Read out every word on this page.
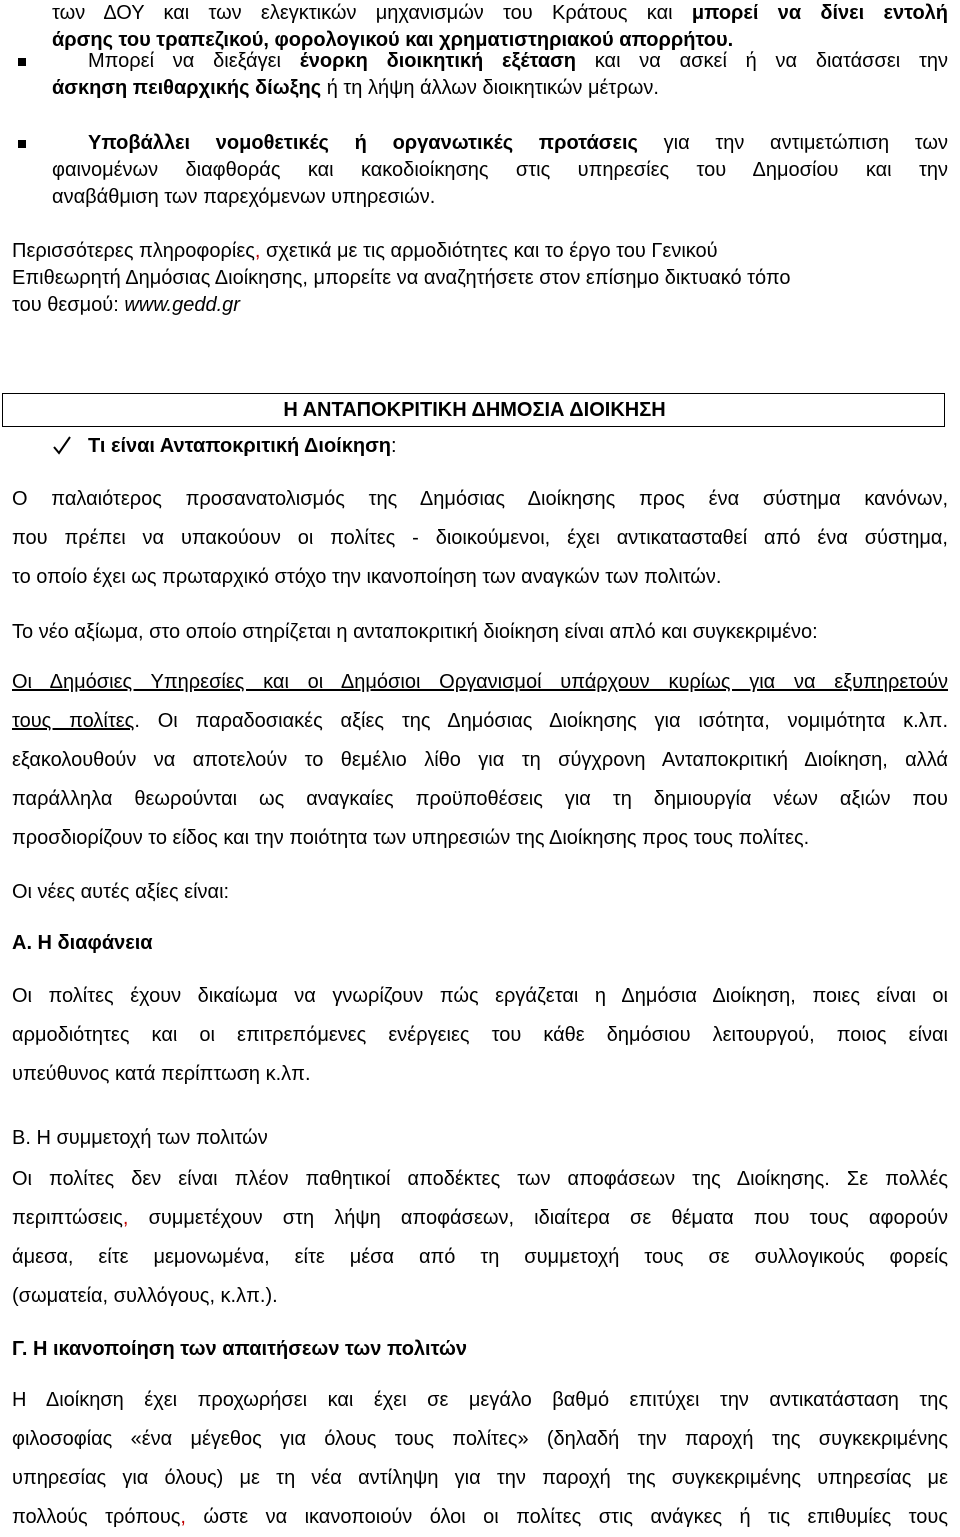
των ΔΟΥ και των ελεγκτικών μηχανισμών του Κράτους και μπορεί να δίνει εντολή
άρσης του τραπεζικού, φορολογικού και χρηματιστηριακού απορρήτου.
Μπορεί να διεξάγει ένορκη διοικητική εξέταση και να ασκεί ή να διατάσσει την
άσκηση πειθαρχικής δίωξης ή τη λήψη άλλων διοικητικών μέτρων.
Υποβάλλει νομοθετικές ή οργανωτικές προτάσεις για την αντιμετώπιση των
φαινομένων διαφθοράς και κακοδιοίκησης στις υπηρεσίες του Δημοσίου και την
αναβάθμιση των παρεχόμενων υπηρεσιών.
Περισσότερες πληροφορίες, σχετικά με τις αρμοδιότητες και το έργο του Γενικού
Επιθεωρητή Δημόσιας Διοίκησης, μπορείτε να αναζητήσετε στον επίσημο δικτυακό τόπο
του θεσμού: www.gedd.gr
Η ΑΝΤΑΠΟΚΡΙΤΙΚΗ ΔΗΜΟΣΙΑ ΔΙΟΙΚΗΣΗ
Τι είναι Ανταποκριτική Διοίκηση:
Ο παλαιότερος προσανατολισμός της Δημόσιας Διοίκησης προς ένα σύστημα κανόνων,
που πρέπει να υπακούουν οι πολίτες - διοικούμενοι, έχει αντικατασταθεί από ένα σύστημα,
το οποίο έχει ως πρωταρχικό στόχο την ικανοποίηση των αναγκών των πολιτών.
Το νέο αξίωμα, στο οποίο στηρίζεται η ανταποκριτική διοίκηση είναι απλό και συγκεκριμένο:
Οι Δημόσιες Υπηρεσίες και οι Δημόσιοι Οργανισμοί υπάρχουν κυρίως για να εξυπηρετούν
τους πολίτες. Οι παραδοσιακές αξίες της Δημόσιας Διοίκησης για ισότητα, νομιμότητα κ.λπ.
εξακολουθούν να αποτελούν το θεμέλιο λίθο για τη σύγχρονη Ανταποκριτική Διοίκηση, αλλά
παράλληλα θεωρούνται ως αναγκαίες προϋποθέσεις για τη δημιουργία νέων αξιών που
προσδιορίζουν το είδος και την ποιότητα των υπηρεσιών της Διοίκησης προς τους πολίτες.
Οι νέες αυτές αξίες είναι:
Α. Η διαφάνεια
Οι πολίτες έχουν δικαίωμα να γνωρίζουν πώς εργάζεται η Δημόσια Διοίκηση, ποιες είναι οι
αρμοδιότητες και οι επιτρεπόμενες ενέργειες του κάθε δημόσιου λειτουργού, ποιος είναι
υπεύθυνος κατά περίπτωση κ.λπ.
Β. Η συμμετοχή των πολιτών
Οι πολίτες δεν είναι πλέον παθητικοί αποδέκτες των αποφάσεων της Διοίκησης. Σε πολλές
περιπτώσεις, συμμετέχουν στη λήψη αποφάσεων, ιδιαίτερα σε θέματα που τους αφορούν
άμεσα, είτε μεμονωμένα, είτε μέσα από τη συμμετοχή τους σε συλλογικούς φορείς
(σωματεία, συλλόγους, κ.λπ.).
Γ. Η ικανοποίηση των απαιτήσεων των πολιτών
Η Διοίκηση έχει προχωρήσει και έχει σε μεγάλο βαθμό επιτύχει την αντικατάσταση της
φιλοσοφίας «ένα μέγεθος για όλους τους πολίτες» (δηλαδή την παροχή της συγκεκριμένης
υπηρεσίας για όλους) με τη νέα αντίληψη για την παροχή της συγκεκριμένης υπηρεσίας με
πολλούς τρόπους, ώστε να ικανοποιούν όλοι οι πολίτες στις ανάγκες ή τις επιθυμίες τους
